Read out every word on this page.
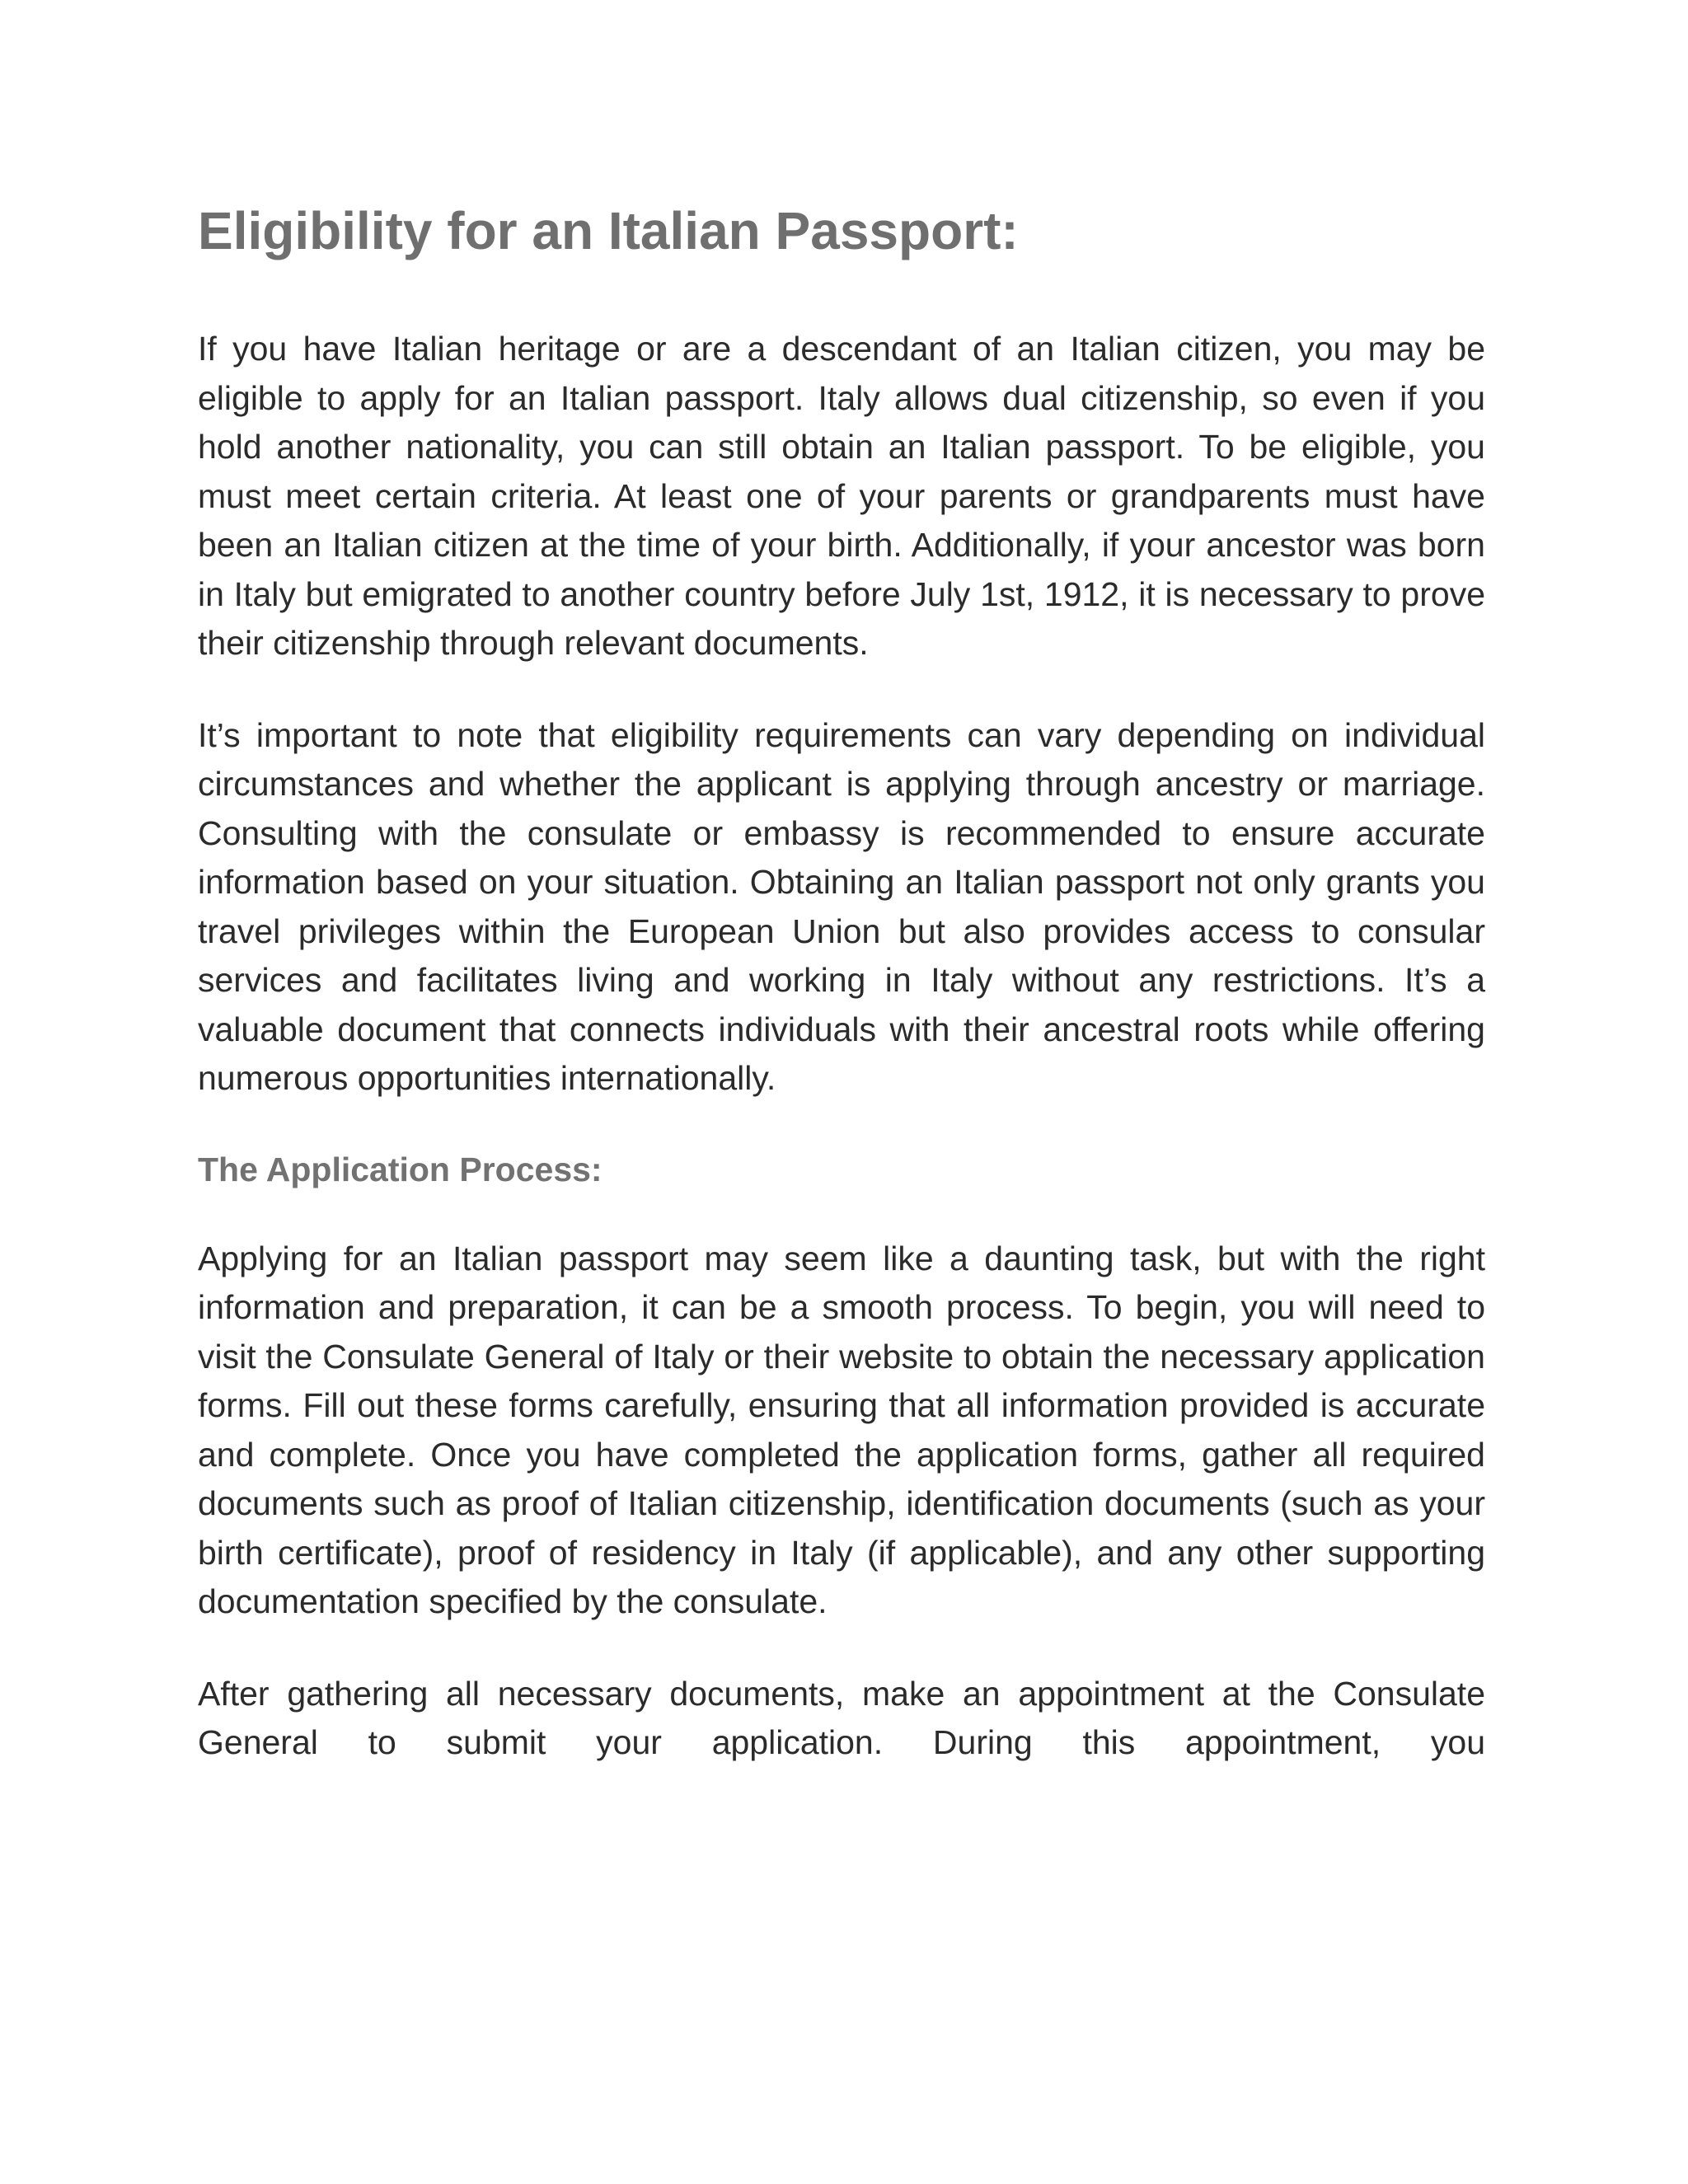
Eligibility for an Italian Passport:

If you have Italian heritage or are a descendant of an Italian citizen, you may be eligible to apply for an Italian passport. Italy allows dual citizenship, so even if you hold another nationality, you can still obtain an Italian passport. To be eligible, you must meet certain criteria. At least one of your parents or grandparents must have been an Italian citizen at the time of your birth. Additionally, if your ancestor was born in Italy but emigrated to another country before July 1st, 1912, it is necessary to prove their citizenship through relevant documents.

It’s important to note that eligibility requirements can vary depending on individual circumstances and whether the applicant is applying through ancestry or marriage. Consulting with the consulate or embassy is recommended to ensure accurate information based on your situation. Obtaining an Italian passport not only grants you travel privileges within the European Union but also provides access to consular services and facilitates living and working in Italy without any restrictions. It’s a valuable document that connects individuals with their ancestral roots while offering numerous opportunities internationally.

The Application Process:

Applying for an Italian passport may seem like a daunting task, but with the right information and preparation, it can be a smooth process. To begin, you will need to visit the Consulate General of Italy or their website to obtain the necessary application forms. Fill out these forms carefully, ensuring that all information provided is accurate and complete. Once you have completed the application forms, gather all required documents such as proof of Italian citizenship, identification documents (such as your birth certificate), proof of residency in Italy (if applicable), and any other supporting documentation specified by the consulate.

After gathering all necessary documents, make an appointment at the Consulate General to submit your application. During this appointment, you
